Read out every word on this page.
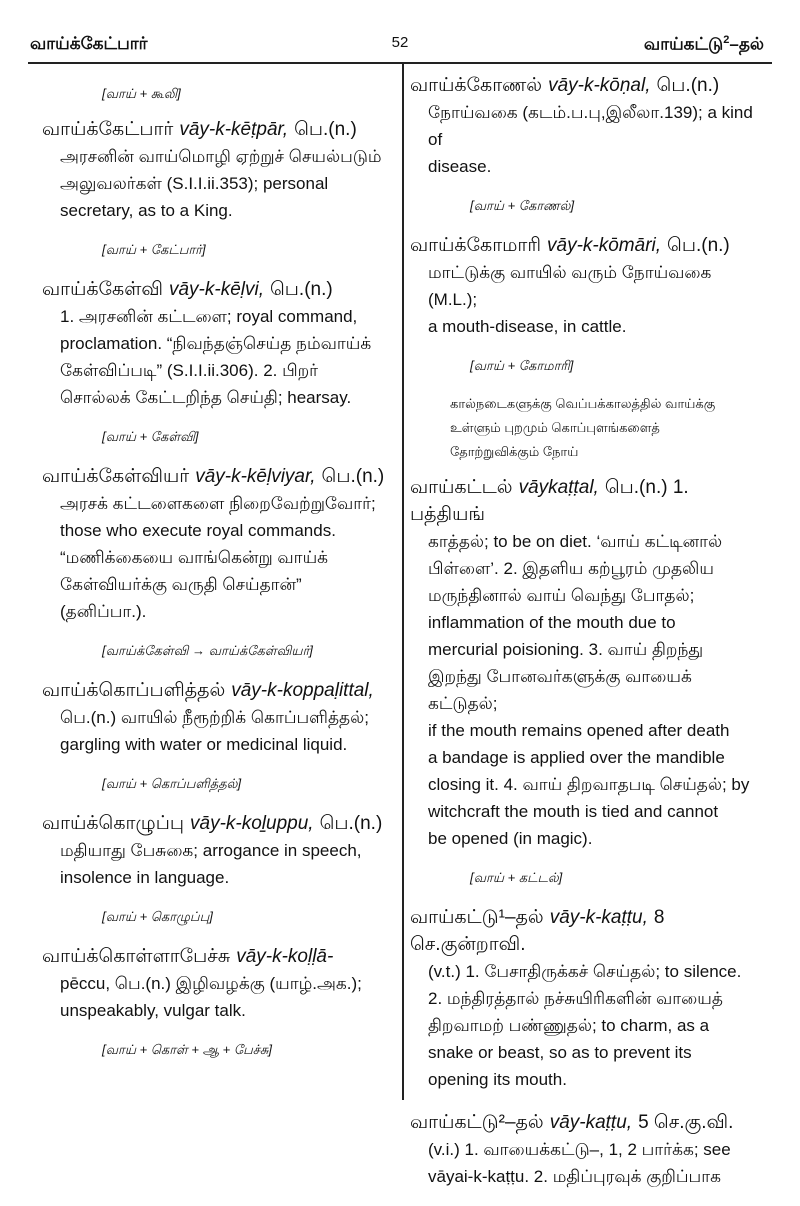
வாய்க்கேட்பார்	52	வாய்கட்டு$^2$–தல்
[வாய் + கூலி]
வாய்க்கேட்பார் vāy-k-kēṭpār, பெ.(n.)
அரசனின் வாய்மொழி ஏற்றுச் செயல்படும்
அலுவலர்கள் (S.I.I.ii.353); personal
secretary, as to a King.
[வாய் + கேட்பார்]
வாய்க்கேள்வி vāy-k-kēḷvi, பெ.(n.)
1. அரசனின் கட்டளை; royal command,
proclamation. “நிவந்தஞ்செய்த நம்வாய்க்
கேள்விப்படி” (S.I.I.ii.306). 2. பிறர்
சொல்லக் கேட்டறிந்த செய்தி; hearsay.
[வாய் + கேள்வி]
வாய்க்கேள்வியர் vāy-k-kēḷviyar, பெ.(n.)
அரசக் கட்டளைகளை நிறைவேற்றுவோர்;
those who execute royal commands.
“மணிக்கையை வாங்கென்று வாய்க்
கேள்வியர்க்கு வருதி செய்தான்” (தனிப்பா.).
[வாய்க்கேள்வி → வாய்க்கேள்வியர்]
வாய்க்கொப்பளித்தல் vāy-k-koppaḷittal,
பெ.(n.) வாயில் நீரூற்றிக் கொப்பளித்தல்;
gargling with water or medicinal liquid.
[வாய் + கொப்பளித்தல்]
வாய்க்கொழுப்பு vāy-k-koḻuppu, பெ.(n.)
மதியாது பேசுகை; arrogance in speech,
insolence in language.
[வாய் + கொழுப்பு]
வாய்க்கொள்ளாபேச்சு vāy-k-koḷḷā-
pēccu, பெ.(n.) இழிவழக்கு (யாழ்.அக.);
unspeakably, vulgar talk.
[வாய் + கொள் + ஆ + பேச்சு]
வாய்க்கோணல் vāy-k-kōṇal, பெ.(n.)
நோய்வகை (கடம்.ப.பு,இலீலா.139); a kind of
disease.
[வாய் + கோணல்]
வாய்க்கோமாரி vāy-k-kōmāri, பெ.(n.)
மாட்டுக்கு வாயில் வரும் நோய்வகை (M.L.);
a mouth-disease, in cattle.
[வாய் + கோமாரி]
கால்நடைகளுக்கு வெப்பக்காலத்தில் வாய்க்கு உள்ளும் புறமும் கொப்புளங்களைத் தோற்றுவிக்கும் நோய்
வாய்கட்டல் vāykaṭṭal, பெ.(n.) 1. பத்தியங்
காத்தல்; to be on diet. ‘வாய் கட்டினால்
பிள்ளை’. 2. இதளிய கற்பூரம் முதலிய
மருந்தினால் வாய் வெந்து போதல்;
inflammation of the mouth due to
mercurial poisioning. 3. வாய் திறந்து
இறந்து போனவர்களுக்கு வாயைக் கட்டுதல்;
if the mouth remains opened after death
a bandage is applied over the mandible
closing it. 4. வாய் திறவாதபடி செய்தல்; by
witchcraft the mouth is tied and cannot
be opened (in magic).
[வாய் + கட்டல்]
வாய்கட்டு¹–தல் vāy-k-kaṭṭu, 8 செ.குன்றாவி.
(v.t.) 1. பேசாதிருக்கச் செய்தல்; to silence.
2. மந்திரத்தால் நச்சுயிரிகளின் வாயைத்
திறவாமற் பண்ணுதல்; to charm, as a
snake or beast, so as to prevent its
opening its mouth.
வாய்கட்டு²–தல் vāy-kaṭṭu, 5 செ.கு.வி.
(v.i.) 1. வாயைக்கட்டு–, 1, 2 பார்க்க; see
vāyai-k-kaṭṭu. 2. மதிப்புரவுக் குறிப்பாக
